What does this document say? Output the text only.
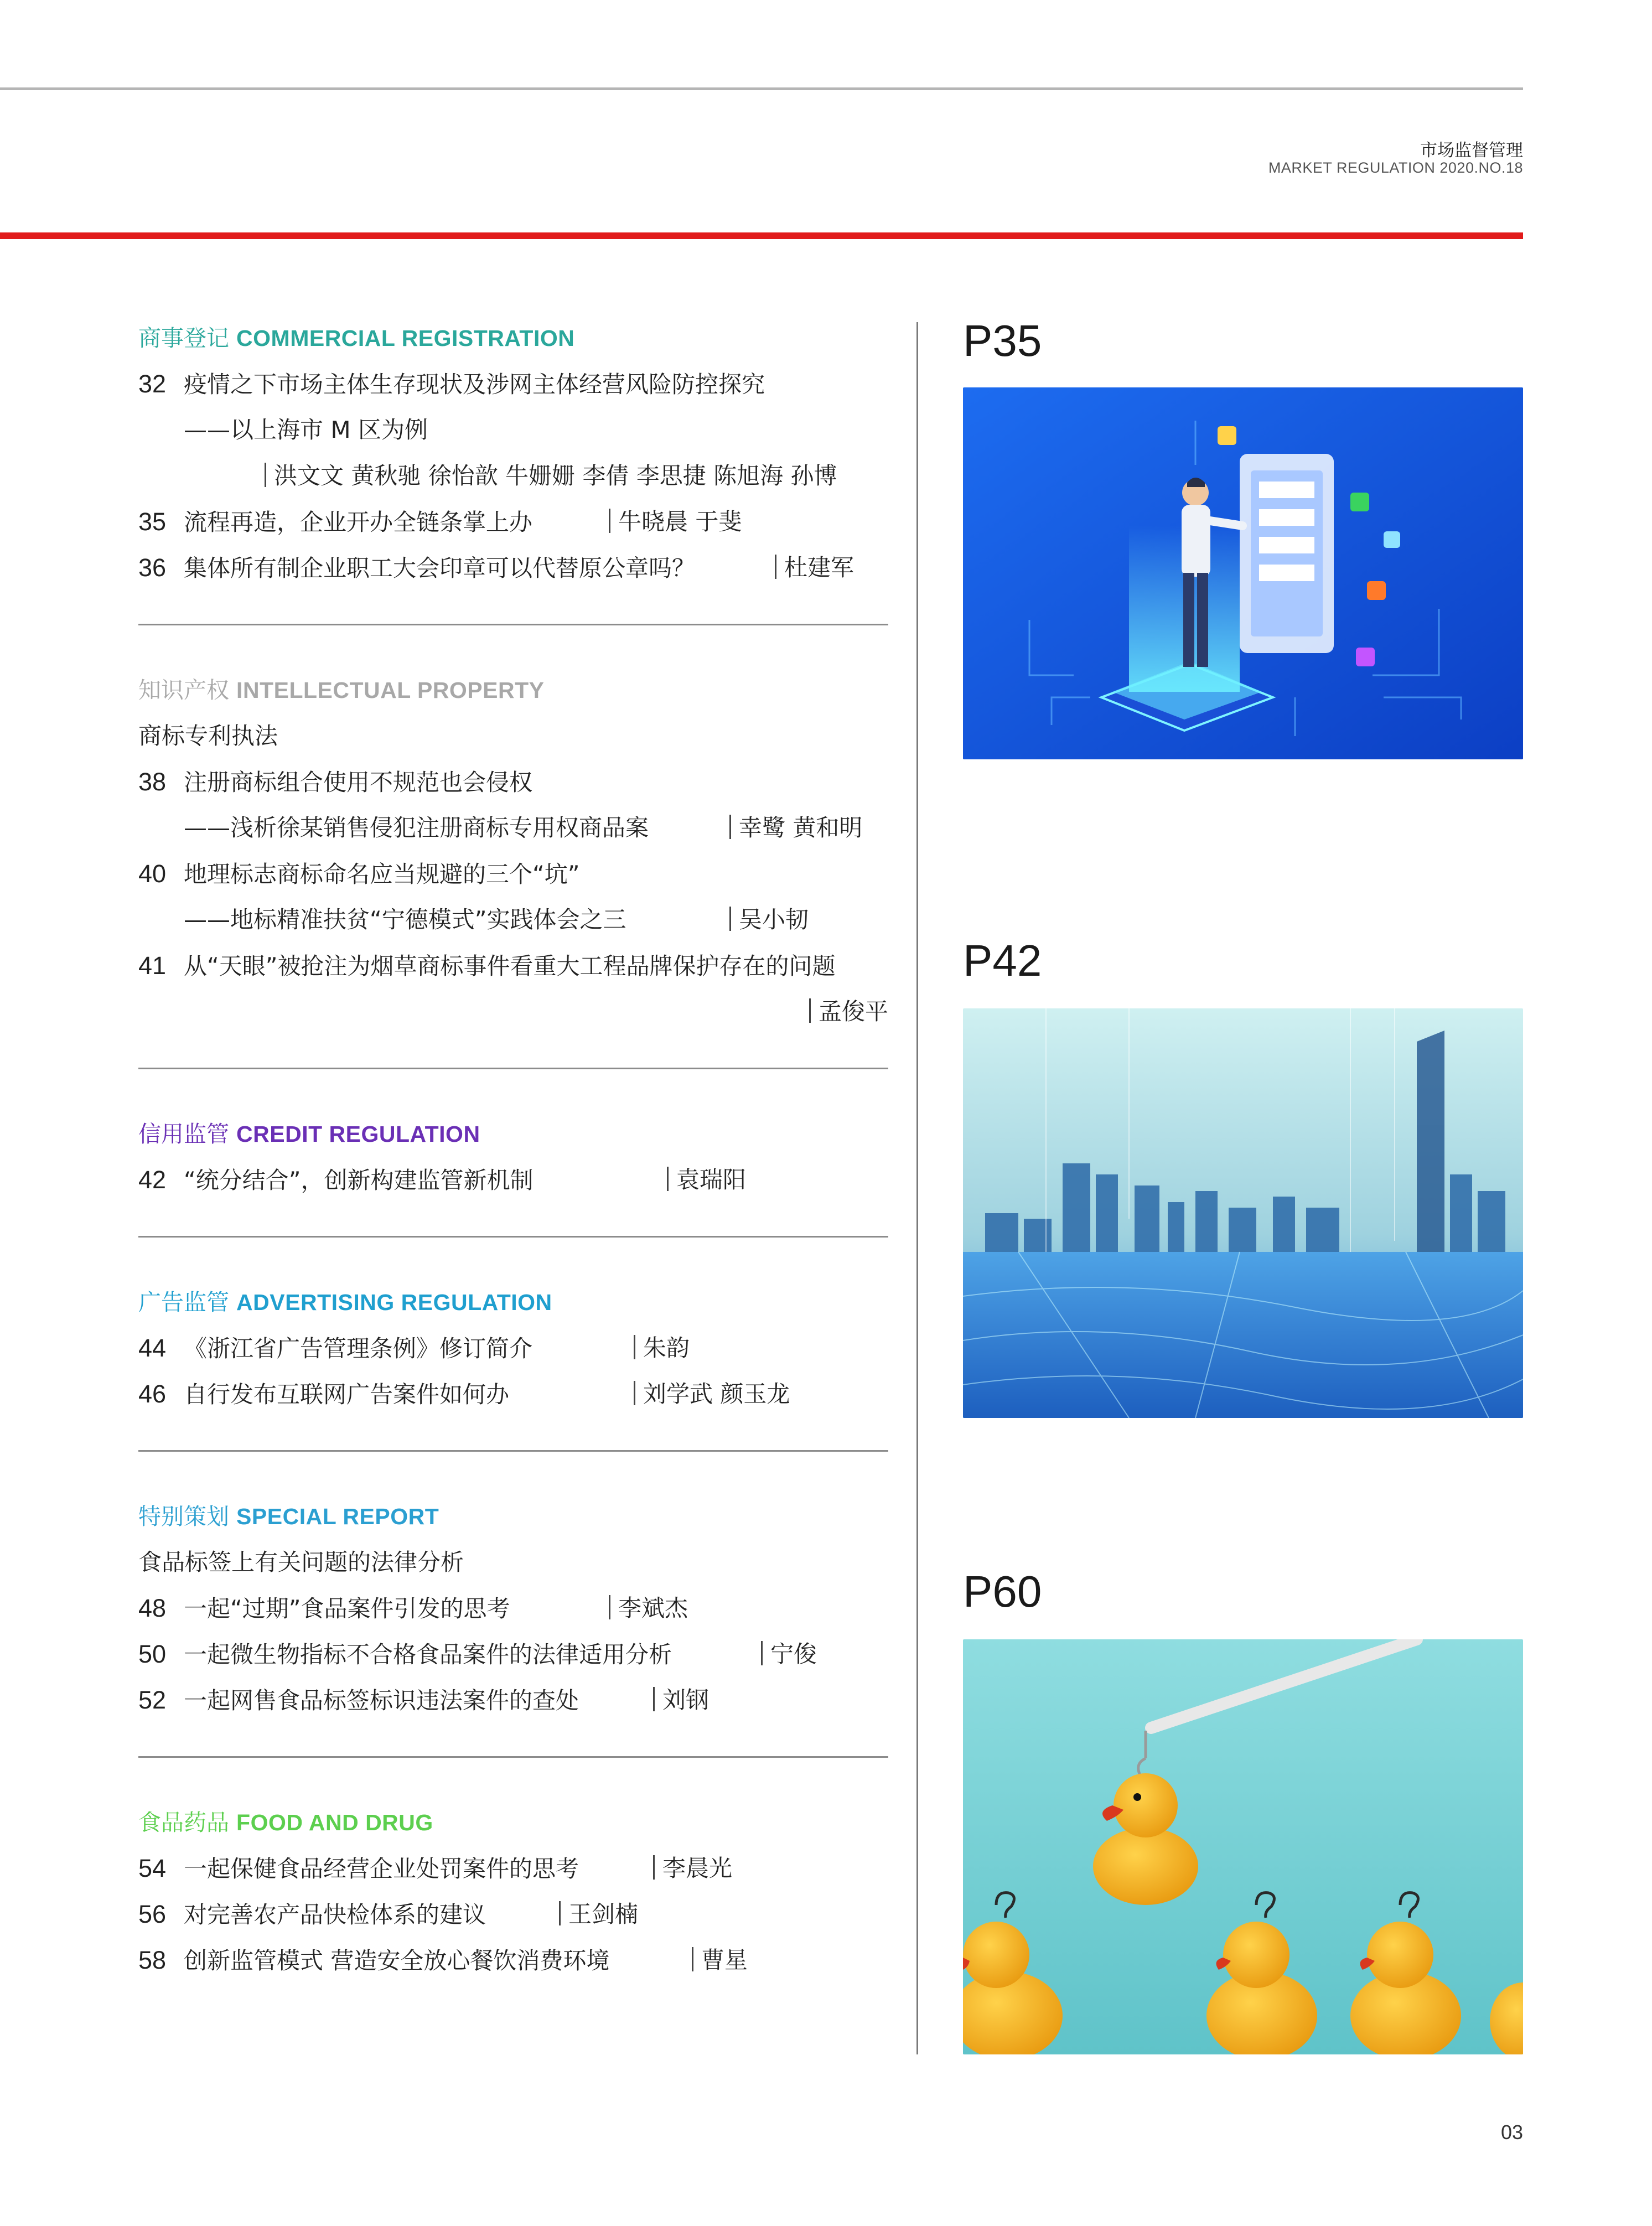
市场监督管理
MARKET REGULATION 2020.NO.18
商事登记 COMMERCIAL REGISTRATION
32 疫情之下市场主体生存现状及涉网主体经营风险防控探究
——以上海市 M 区为例
洪文文 黄秋驰 徐怡歆 牛姗姗 李倩 李思捷 陈旭海 孙博
35 流程再造，企业开办全链条掌上办	牛晓晨 于斐
36 集体所有制企业职工大会印章可以代替原公章吗？	杜建军
知识产权 INTELLECTUAL PROPERTY
商标专利执法
38 注册商标组合使用不规范也会侵权
——浅析徐某销售侵犯注册商标专用权商品案	幸鹭 黄和明
40 地理标志商标命名应当规避的三个“坑”
——地标精准扶贫“宁德模式”实践体会之三	吴小韧
41 从“天眼”被抢注为烟草商标事件看重大工程品牌保护存在的问题
孟俊平
信用监管 CREDIT REGULATION
42 “统分结合”，创新构建监管新机制	袁瑞阳
广告监管 ADVERTISING REGULATION
44 《浙江省广告管理条例》修订简介	朱韵
46 自行发布互联网广告案件如何办	刘学武 颜玉龙
特别策划 SPECIAL REPORT
食品标签上有关问题的法律分析
48 一起“过期”食品案件引发的思考	李斌杰
50 一起微生物指标不合格食品案件的法律适用分析	宁俊
52 一起网售食品标签标识违法案件的查处	刘钢
食品药品 FOOD AND DRUG
54 一起保健食品经营企业处罚案件的思考	李晨光
56 对完善农产品快检体系的建议	王剑楠
58 创新监管模式 营造安全放心餐饮消费环境	曹星
P35
P42
P60
03
